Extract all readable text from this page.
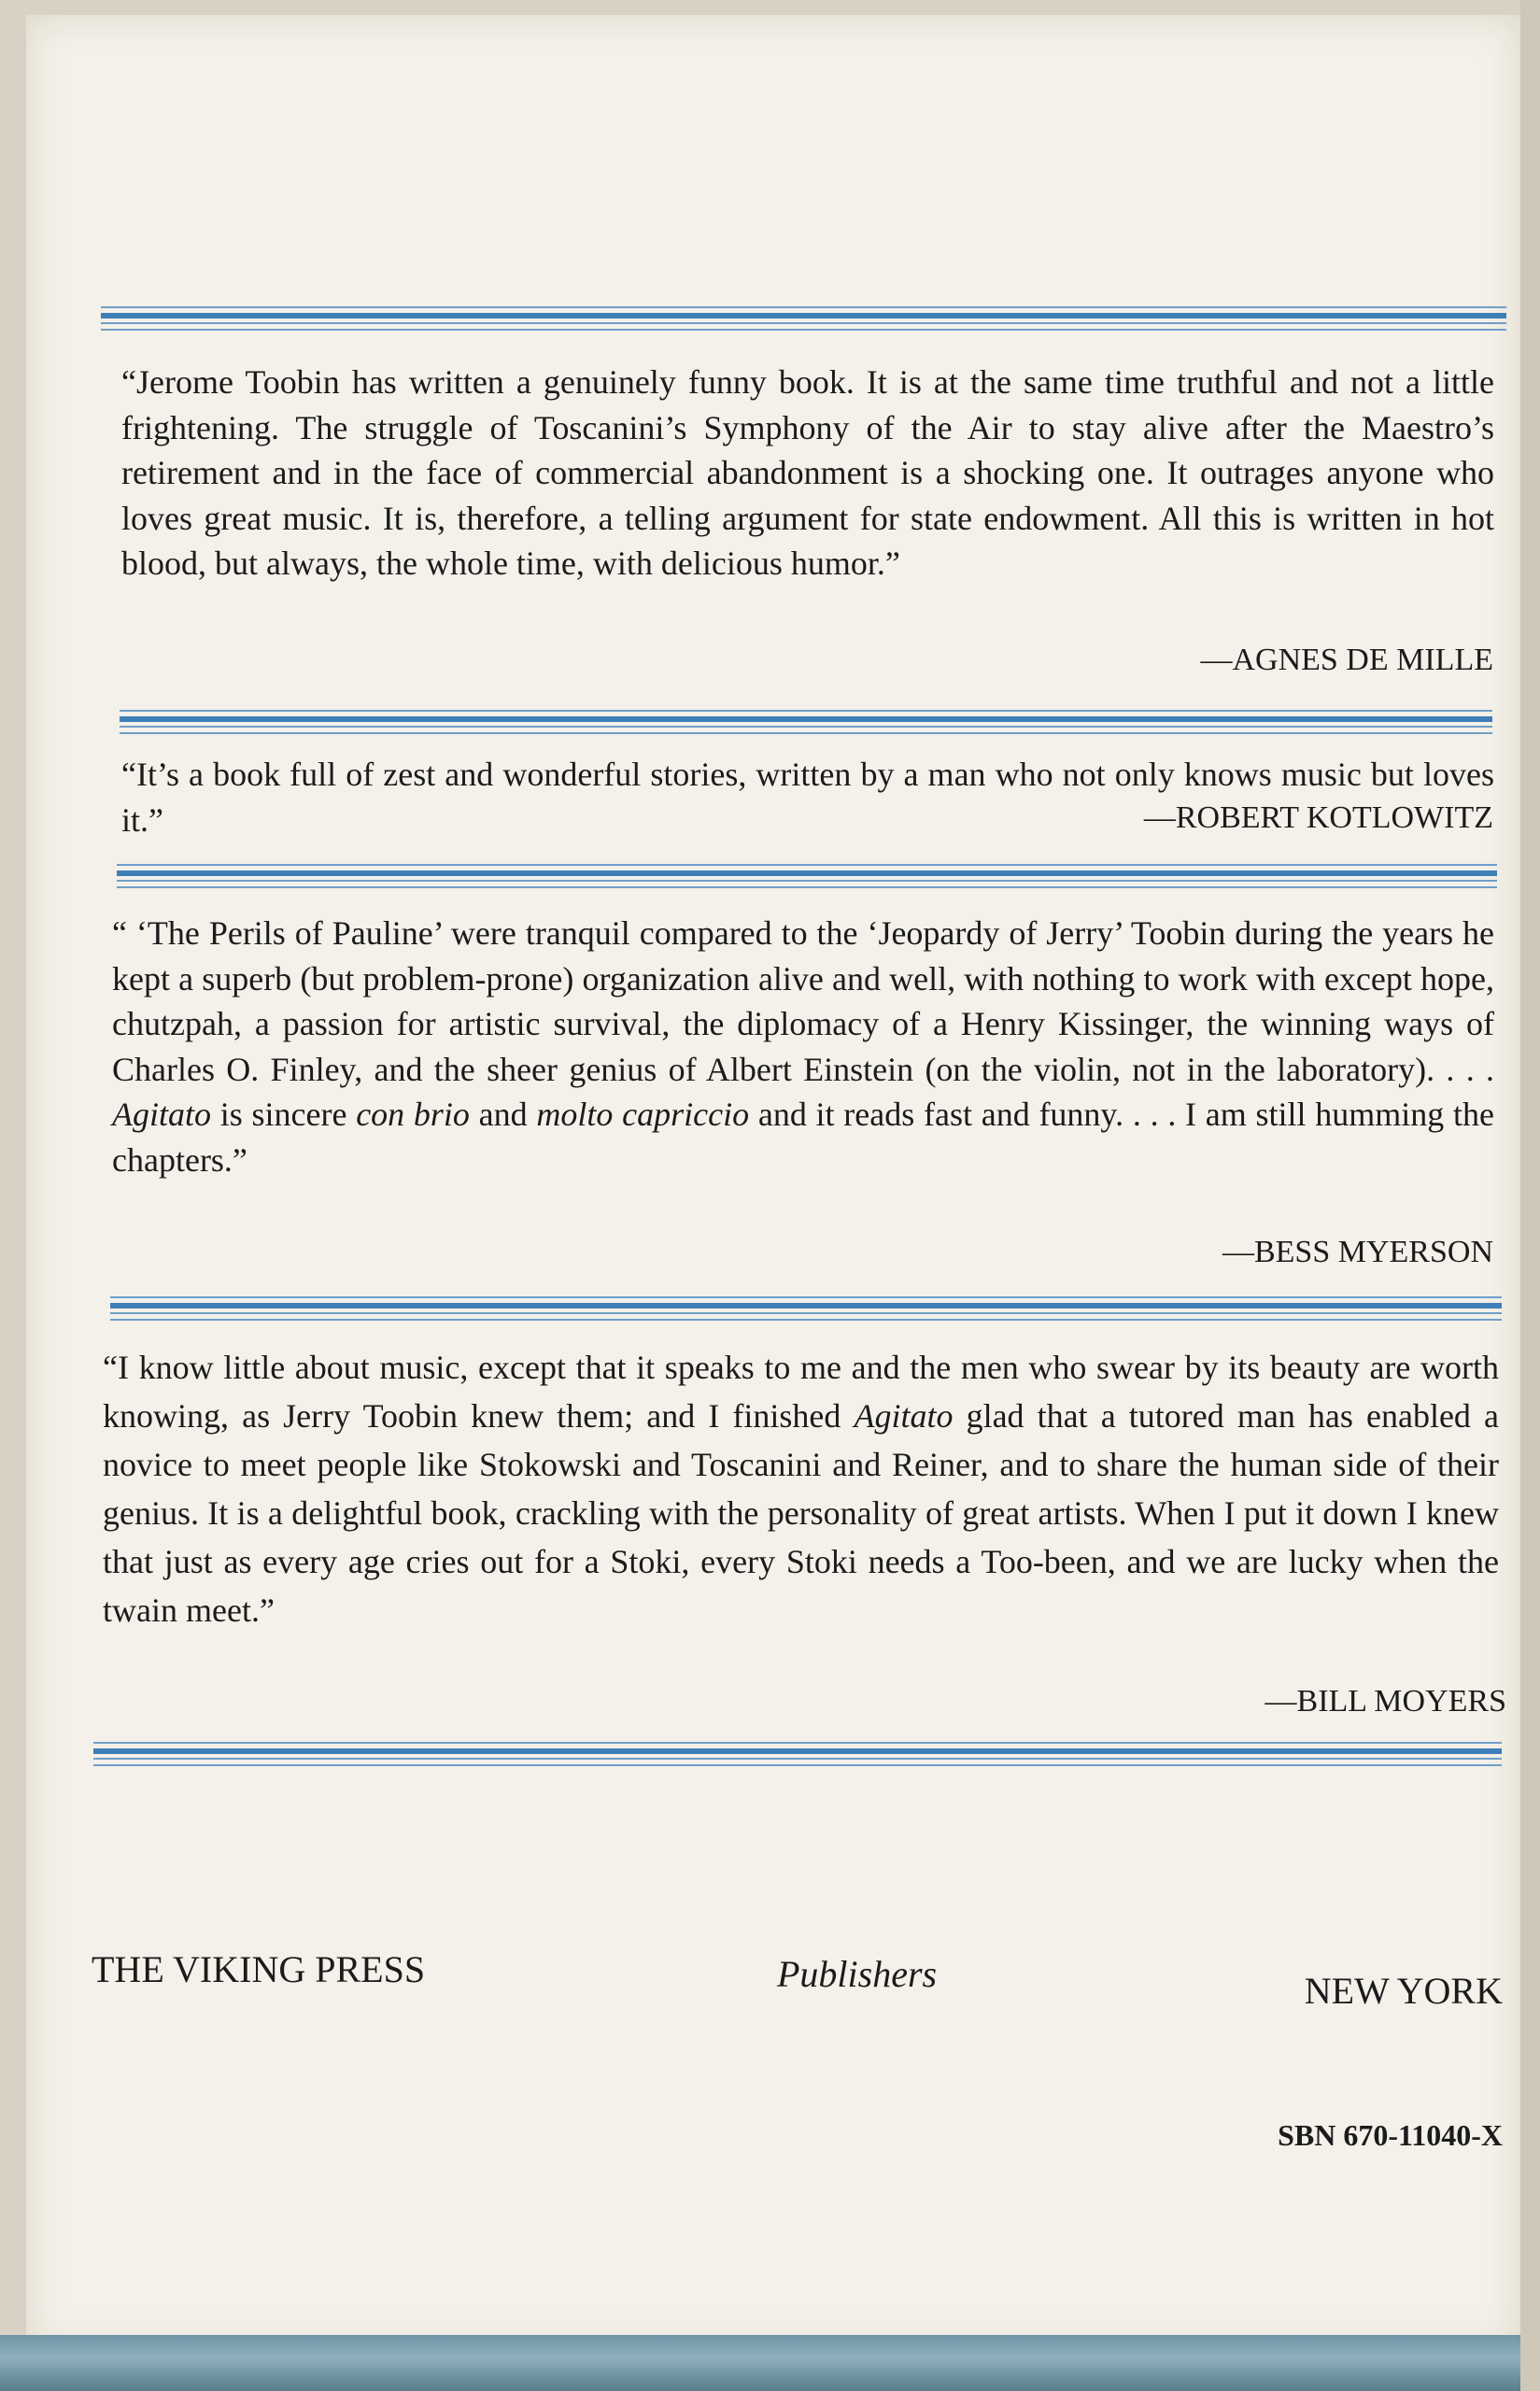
“Jerome Toobin has written a genuinely funny book. It is at the same time truthful and not a little frightening. The struggle of Toscanini’s Symphony of the Air to stay alive after the Maestro’s retirement and in the face of commercial abandonment is a shocking one. It outrages anyone who loves great music. It is, therefore, a telling argument for state endowment. All this is written in hot blood, but always, the whole time, with delicious humor.”
—AGNES DE MILLE
“It’s a book full of zest and wonderful stories, written by a man who not only knows music but loves it.”	—ROBERT KOTLOWITZ
“ ‘The Perils of Pauline’ were tranquil compared to the ‘Jeopardy of Jerry’ Toobin during the years he kept a superb (but problem-prone) organization alive and well, with nothing to work with except hope, chutzpah, a passion for artistic survival, the diplomacy of a Henry Kissinger, the winning ways of Charles O. Finley, and the sheer genius of Albert Einstein (on the violin, not in the laboratory). . . . Agitato is sincere con brio and molto capriccio and it reads fast and funny. . . . I am still humming the chapters.”
—BESS MYERSON
“I know little about music, except that it speaks to me and the men who swear by its beauty are worth knowing, as Jerry Toobin knew them; and I finished Agitato glad that a tutored man has enabled a novice to meet people like Stokowski and Toscanini and Reiner, and to share the human side of their genius. It is a delightful book, crackling with the personality of great artists. When I put it down I knew that just as every age cries out for a Stoki, every Stoki needs a Too-been, and we are lucky when the twain meet.”
—BILL MOYERS
THE VIKING PRESS	Publishers	NEW YORK
SBN 670-11040-X
